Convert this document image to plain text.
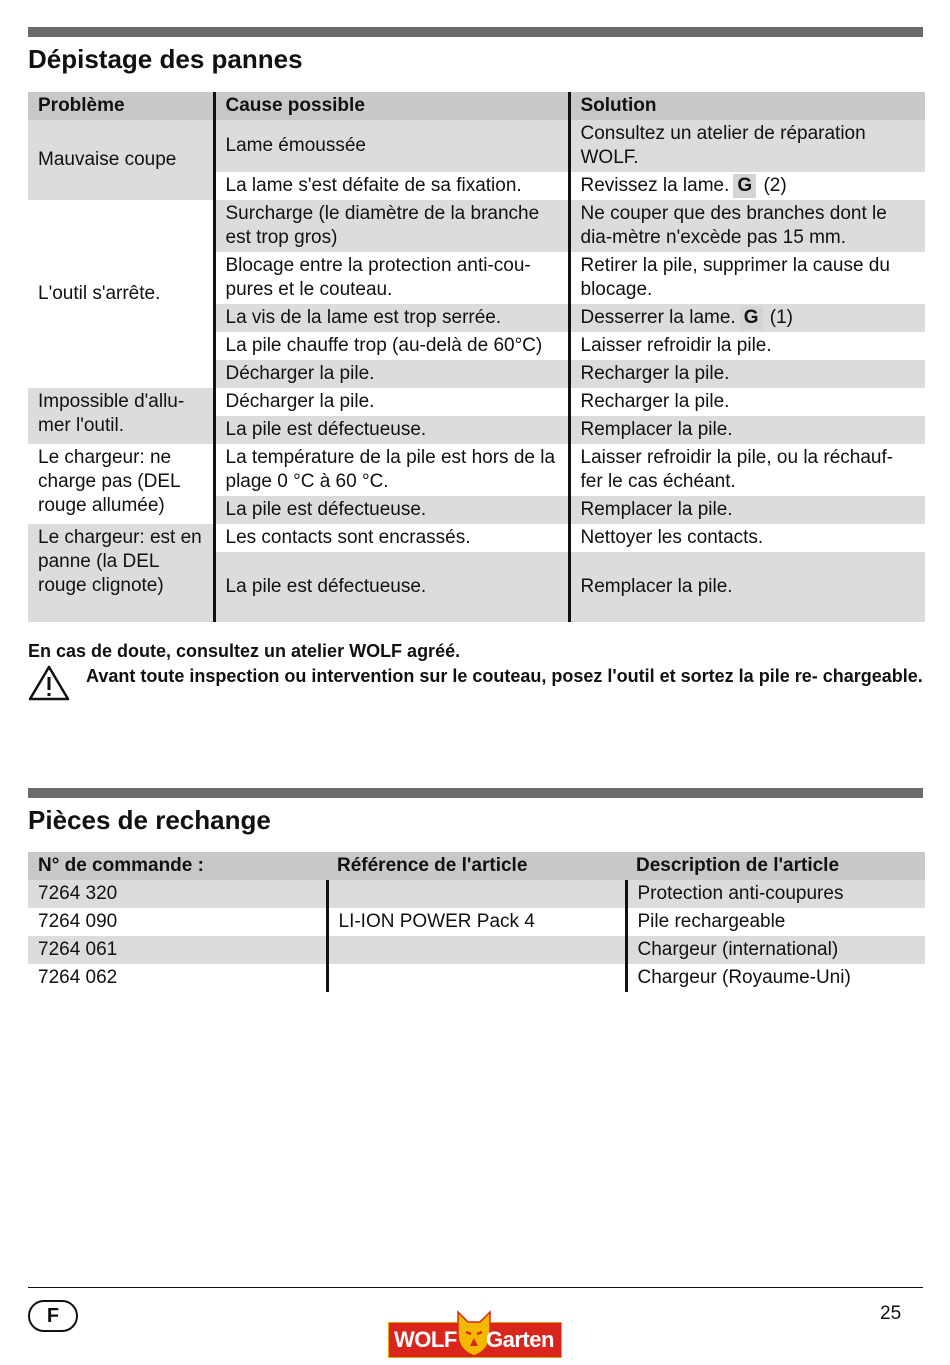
Dépistage des pannes
Problème	Cause possible	Solution
Mauvaise coupe	Lame émoussée	Consultez un atelier de réparation WOLF.
	La lame s'est défaite de sa fixation.	Revissez la lame. G (2)
L'outil s'arrête.	Surcharge (le diamètre de la branche est trop gros)	Ne couper que des branches dont le dia-mètre n'excède pas 15 mm.
	Blocage entre la protection anti-cou- pures et le couteau.	Retirer la pile, supprimer la cause du blocage.
	La vis de la lame est trop serrée.	Desserrer la lame. G (1)
	La pile chauffe trop (au-delà de 60°C)	Laisser refroidir la pile.
	Décharger la pile.	Recharger la pile.
Impossible d'allu- mer l'outil.	Décharger la pile.	Recharger la pile.
	La pile est défectueuse.	Remplacer la pile.
Le chargeur: ne charge pas (DEL rouge allumée)	La température de la pile est hors de la plage 0 °C à 60 °C.	Laisser refroidir la pile, ou la réchauf- fer le cas échéant.
	La pile est défectueuse.	Remplacer la pile.
Le chargeur: est en panne (la DEL rouge clignote)	Les contacts sont encrassés.	Nettoyer les contacts.
	La pile est défectueuse.	Remplacer la pile.

En cas de doute, consultez un atelier WOLF agréé.

Avant toute inspection ou intervention sur le couteau, posez l'outil et sortez la pile re- chargeable.

Pièces de rechange
N° de commande :	Référence de l'article	Description de l'article
7264 320		Protection anti-coupures
7264 090	LI-ION POWER Pack 4	Pile rechargeable
7264 061		Chargeur (international)
7264 062		Chargeur (Royaume-Uni)
F	25
WOLF Garten
